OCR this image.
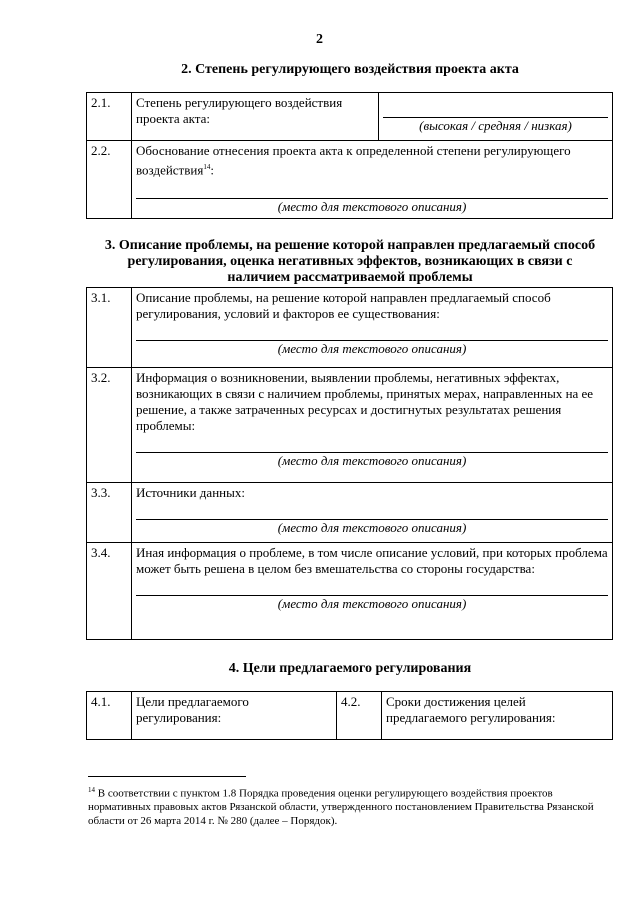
2
2. Степень регулирующего воздействия проекта акта
2.1.	Степень регулирующего воздействия проекта акта:	(высокая / средняя / низкая)

2.2.	Обоснование отнесения проекта акта к определенной степени регулирующего воздействия$^{14}$:
(место для текстового описания)	
3. Описание проблемы, на решение которой направлен предлагаемый способ регулирования, оценка негативных эффектов, возникающих в связи с наличием рассматриваемой проблемы
3.1.	Описание проблемы, на решение которой направлен предлагаемый способ регулирования, условий и факторов ее существования:
(место для текстового описания)

3.2.	Информация о возникновении, выявлении проблемы, негативных эффектах, возникающих в связи с наличием проблемы, принятых мерах, направленных на ее решение, а также затраченных ресурсах и достигнутых результатах решения проблемы:
(место для текстового описания)

3.3.	Источники данных:
(место для текстового описания)

3.4.	Иная информация о проблеме, в том числе описание условий, при которых проблема может быть решена в целом без вмешательства со стороны государства:
(место для текстового описания)
4. Цели предлагаемого регулирования
4.1.	Цели предлагаемого регулирования:	4.2.	Сроки достижения целей предлагаемого регулирования:
$^{14}$ В соответствии с пунктом 1.8 Порядка проведения оценки регулирующего воздействия проектов
нормативных правовых актов Рязанской области, утвержденного постановлением Правительства Рязанской области от 26 марта 2014 г. № 280 (далее – Порядок).
